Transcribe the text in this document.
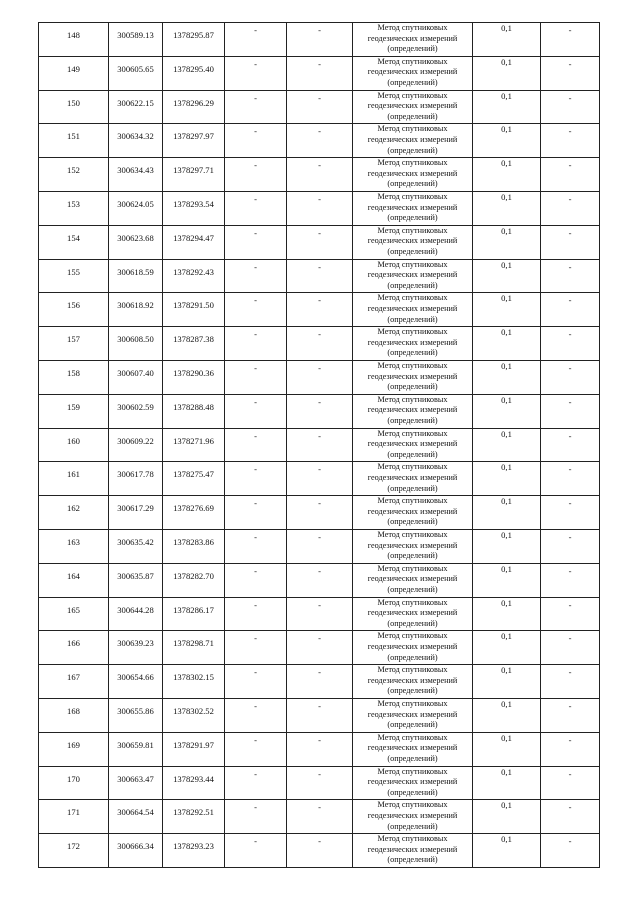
148	300589.13	1378295.87	-	-	Метод спутниковых
геодезических измерений
(определений)	0,1	-

149	300605.65	1378295.40	-	-	Метод спутниковых
геодезических измерений
(определений)	0,1	-

150	300622.15	1378296.29	-	-	Метод спутниковых
геодезических измерений
(определений)	0,1	-

151	300634.32	1378297.97	-	-	Метод спутниковых
геодезических измерений
(определений)	0,1	-

152	300634.43	1378297.71	-	-	Метод спутниковых
геодезических измерений
(определений)	0,1	-

153	300624.05	1378293.54	-	-	Метод спутниковых
геодезических измерений
(определений)	0,1	-

154	300623.68	1378294.47	-	-	Метод спутниковых
геодезических измерений
(определений)	0,1	-

155	300618.59	1378292.43	-	-	Метод спутниковых
геодезических измерений
(определений)	0,1	-

156	300618.92	1378291.50	-	-	Метод спутниковых
геодезических измерений
(определений)	0,1	-

157	300608.50	1378287.38	-	-	Метод спутниковых
геодезических измерений
(определений)	0,1	-

158	300607.40	1378290.36	-	-	Метод спутниковых
геодезических измерений
(определений)	0,1	-

159	300602.59	1378288.48	-	-	Метод спутниковых
геодезических измерений
(определений)	0,1	-

160	300609.22	1378271.96	-	-	Метод спутниковых
геодезических измерений
(определений)	0,1	-

161	300617.78	1378275.47	-	-	Метод спутниковых
геодезических измерений
(определений)	0,1	-

162	300617.29	1378276.69	-	-	Метод спутниковых
геодезических измерений
(определений)	0,1	-

163	300635.42	1378283.86	-	-	Метод спутниковых
геодезических измерений
(определений)	0,1	-

164	300635.87	1378282.70	-	-	Метод спутниковых
геодезических измерений
(определений)	0,1	-

165	300644.28	1378286.17	-	-	Метод спутниковых
геодезических измерений
(определений)	0,1	-

166	300639.23	1378298.71	-	-	Метод спутниковых
геодезических измерений
(определений)	0,1	-

167	300654.66	1378302.15	-	-	Метод спутниковых
геодезических измерений
(определений)	0,1	-

168	300655.86	1378302.52	-	-	Метод спутниковых
геодезических измерений
(определений)	0,1	-

169	300659.81	1378291.97	-	-	Метод спутниковых
геодезических измерений
(определений)	0,1	-

170	300663.47	1378293.44	-	-	Метод спутниковых
геодезических измерений
(определений)	0,1	-

171	300664.54	1378292.51	-	-	Метод спутниковых
геодезических измерений
(определений)	0,1	-

172	300666.34	1378293.23	-	-	Метод спутниковых
геодезических измерений
(определений)	0,1	-
